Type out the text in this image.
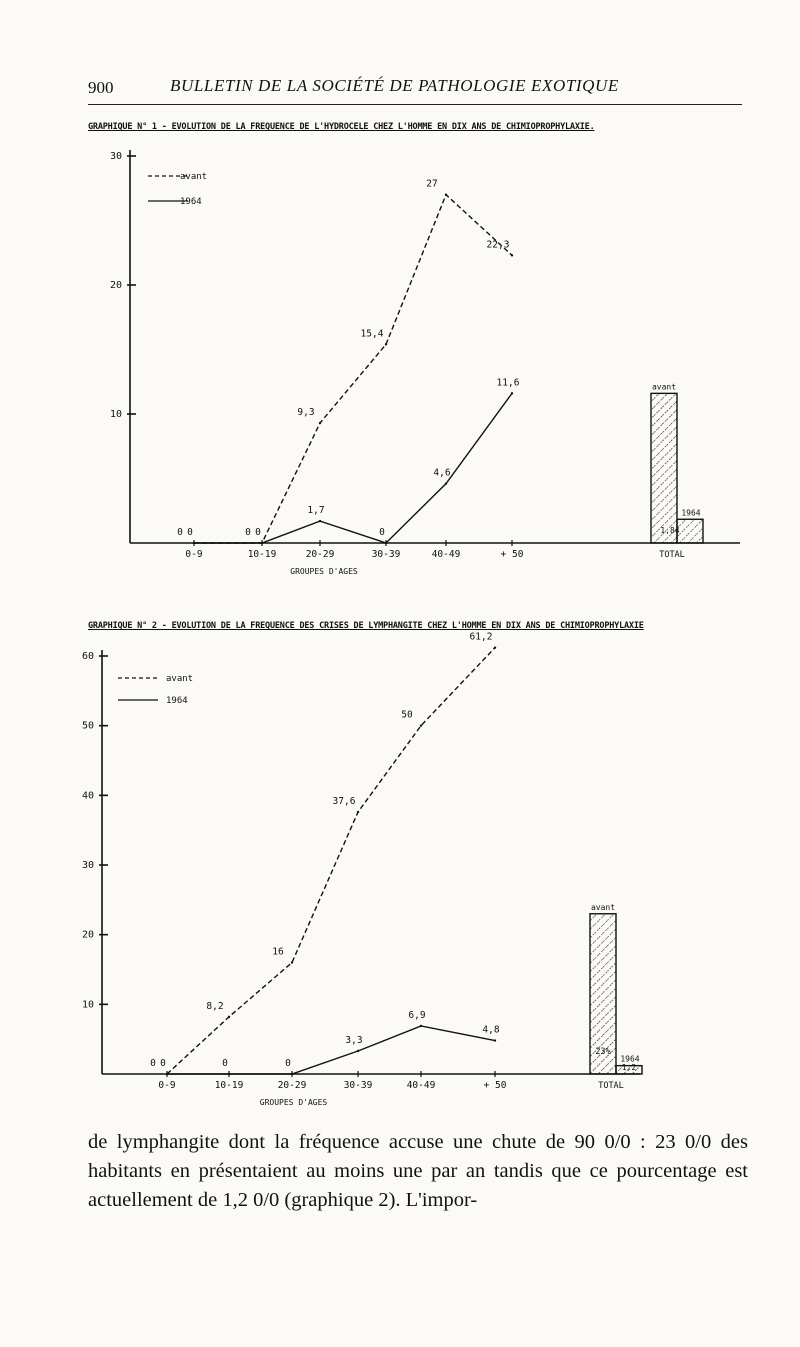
900	BULLETIN DE LA SOCIÉTÉ DE PATHOLOGIE EXOTIQUE
GRAPHIQUE N° 1 - EVOLUTION DE LA FREQUENCE DE L'HYDROCELE CHEZ L'HOMME EN DIX ANS DE CHIMIOPROPHYLAXIE.
GRAPHIQUE N° 2 - EVOLUTION DE LA FREQUENCE DES CRISES DE LYMPHANGITE CHEZ L'HOMME EN DIX ANS DE CHIMIOPROPHYLAXIE
10
20
30
0-9	10-19	20-29	30-39	40-49	+ 50	TOTAL
GROUPES D'AGES
avant
1964
0	0
9,3
15,4
27
22,3
0	0
1,7
0
4,6
11,6	avant
1964
1,84
10
20
30
40
50
60
0-9	10-19	20-29	30-39	40-49	+ 50	TOTAL
GROUPES D'AGES
avant
1964
0
8,2
16
37,6
50
61,2
0	0	0
3,3
6,9
4,8
avant
1964
23%
1,2

de lymphangite dont la fréquence accuse une chute de 90 0/0 : 23 0/0 des habitants en présentaient au moins une par an tandis que ce pourcentage est actuellement de 1,2 0/0 (graphique 2). L'impor-
